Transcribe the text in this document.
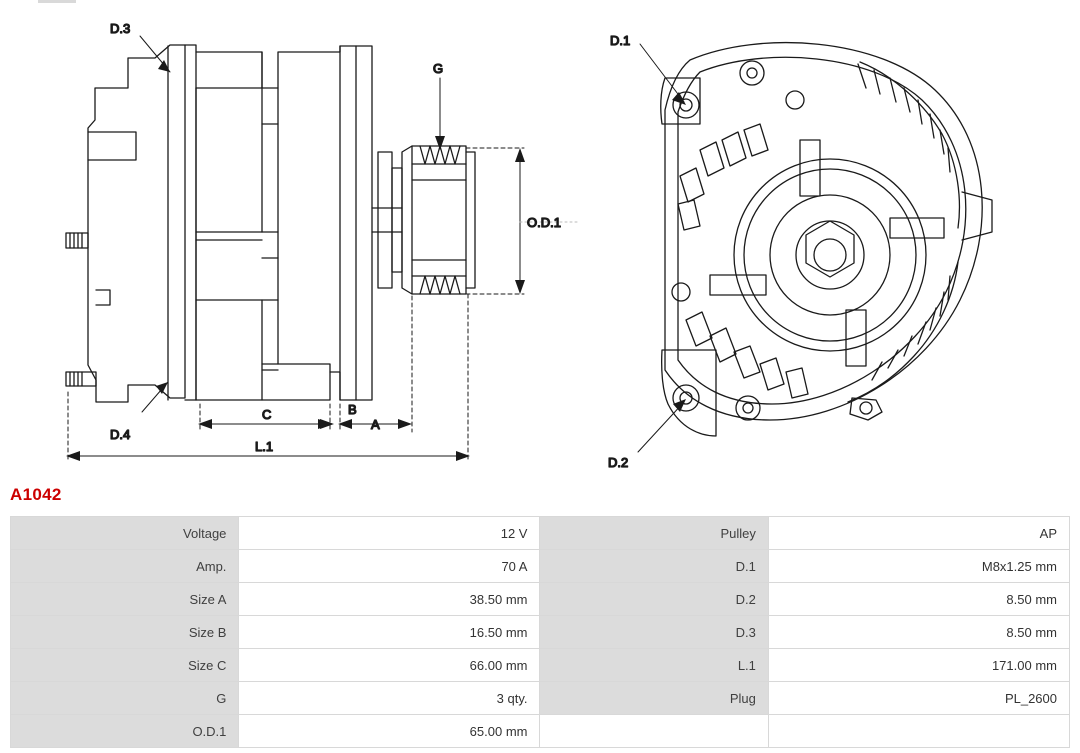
D.3
D.4
G
O.D.1
A
B
C
L.1
D.1
D.2
A1042
Voltage	12 V	Pulley	AP
Amp.	70 A	D.1	M8x1.25 mm
Size A	38.50 mm	D.2	8.50 mm
Size B	16.50 mm	D.3	8.50 mm
Size C	66.00 mm	L.1	171.00 mm
G	3 qty.	Plug	PL_2600
O.D.1	65.00 mm		
